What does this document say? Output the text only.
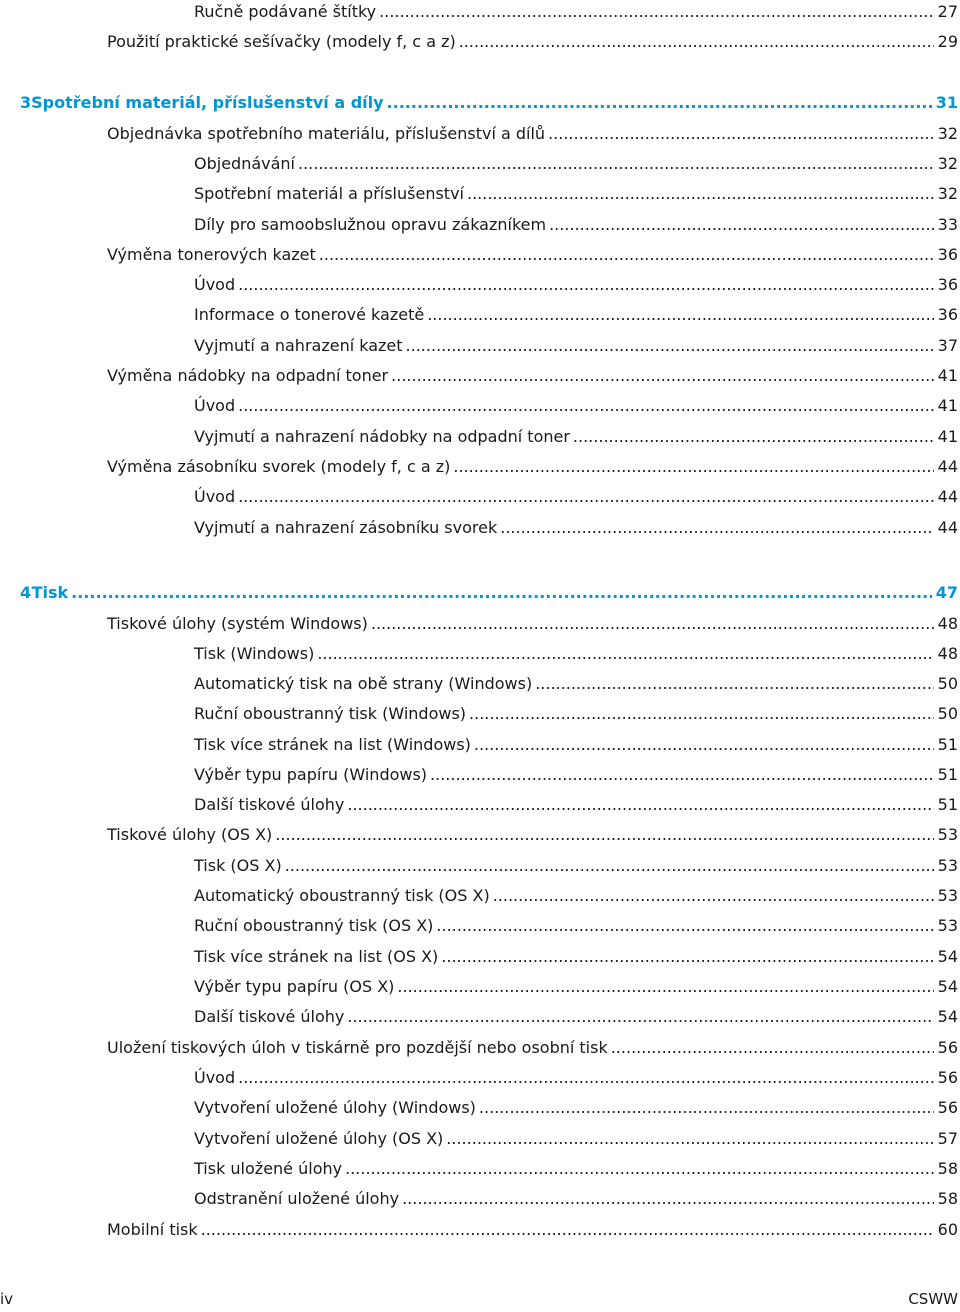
Ručně podávané štítky .....	27
Použití praktické sešívačky (modely f, c a z) .....	29
3 Spotřební materiál, příslušenství a díly .....	31
Objednávka spotřebního materiálu, příslušenství a dílů .....	32
Objednávání .....	32
Spotřební materiál a příslušenství .....	32
Díly pro samoobslužnou opravu zákazníkem .....	33
Výměna tonerových kazet .....	36
Úvod .....	36
Informace o tonerové kazetě .....	36
Vyjmutí a nahrazení kazet .....	37
Výměna nádobky na odpadní toner .....	41
Úvod .....	41
Vyjmutí a nahrazení nádobky na odpadní toner .....	41
Výměna zásobníku svorek (modely f, c a z) .....	44
Úvod .....	44
Vyjmutí a nahrazení zásobníku svorek .....	44
4 Tisk .....	47
Tiskové úlohy (systém Windows) .....	48
Tisk (Windows) .....	48
Automatický tisk na obě strany (Windows) .....	50
Ruční oboustranný tisk (Windows) .....	50
Tisk více stránek na list (Windows) .....	51
Výběr typu papíru (Windows) .....	51
Další tiskové úlohy .....	51
Tiskové úlohy (OS X) .....	53
Tisk (OS X) .....	53
Automatický oboustranný tisk (OS X) .....	53
Ruční oboustranný tisk (OS X) .....	53
Tisk více stránek na list (OS X) .....	54
Výběr typu papíru (OS X) .....	54
Další tiskové úlohy .....	54
Uložení tiskových úloh v tiskárně pro pozdější nebo osobní tisk .....	56
Úvod .....	56
Vytvoření uložené úlohy (Windows) .....	56
Vytvoření uložené úlohy (OS X) .....	57
Tisk uložené úlohy .....	58
Odstranění uložené úlohy .....	58
Mobilní tisk .....	60
iv	CSWW
